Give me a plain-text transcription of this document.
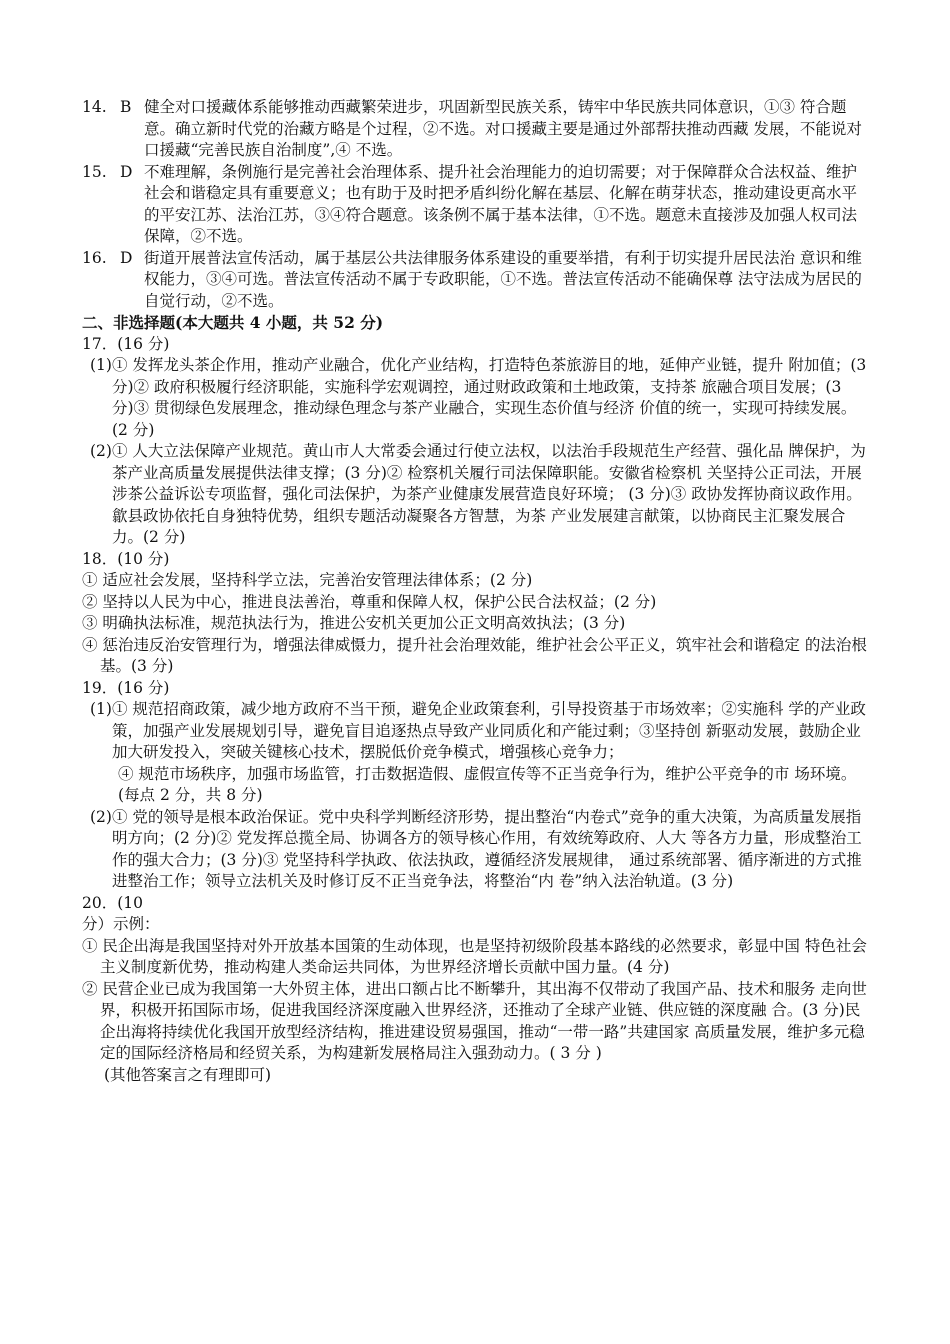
14. B 健全对口援藏体系能够推动西藏繁荣进步，巩固新型民族关系，铸牢中华民族共同体意识，①③ 符合题意。确立新时代党的治藏方略是个过程，②不选。对口援藏主要是通过外部帮扶推动西藏 发展，不能说对口援藏“完善民族自治制度”,④ 不选。
15. D 不难理解，条例施行是完善社会治理体系、提升社会治理能力的迫切需要；对于保障群众合法权益、维护社会和谐稳定具有重要意义；也有助于及时把矛盾纠纷化解在基层、化解在萌芽状态，推动建设更高水平的平安江苏、法治江苏，③④符合题意。该条例不属于基本法律，①不选。题意未直接涉及加强人权司法保障，②不选。
16. D 街道开展普法宣传活动，属于基层公共法律服务体系建设的重要举措，有利于切实提升居民法治 意识和维权能力，③④可选。普法宣传活动不属于专政职能，①不选。普法宣传活动不能确保尊 法守法成为居民的自觉行动，②不选。

二、非选择题(本大题共 4 小题，共 52 分)

17．(16 分)

(1)① 发挥龙头茶企作用，推动产业融合，优化产业结构，打造特色茶旅游目的地，延伸产业链，提升 附加值；(3 分)② 政府积极履行经济职能，实施科学宏观调控，通过财政政策和土地政策，支持茶 旅融合项目发展；(3 分)③ 贯彻绿色发展理念，推动绿色理念与茶产业融合，实现生态价值与经济 价值的统一，实现可持续发展。(2 分)

(2)① 人大立法保障产业规范。黄山市人大常委会通过行使立法权，以法治手段规范生产经营、强化品 牌保护，为茶产业高质量发展提供法律支撑；(3 分)② 检察机关履行司法保障职能。安徽省检察机 关坚持公正司法，开展涉茶公益诉讼专项监督，强化司法保护，为茶产业健康发展营造良好环境； (3 分)③ 政协发挥协商议政作用。歙县政协依托自身独特优势，组织专题活动凝聚各方智慧，为茶 产业发展建言献策，以协商民主汇聚发展合力。(2 分)

18．(10 分)

① 适应社会发展，坚持科学立法，完善治安管理法律体系；(2 分)

② 坚持以人民为中心，推进良法善治，尊重和保障人权，保护公民合法权益；(2 分)

③ 明确执法标准，规范执法行为，推进公安机关更加公正文明高效执法；(3 分)

④ 惩治违反治安管理行为，增强法律威慑力，提升社会治理效能，维护社会公平正义，筑牢社会和谐稳定 的法治根基。(3 分)

19．(16 分)

(1)① 规范招商政策，减少地方政府不当干预，避免企业政策套利，引导投资基于市场效率；②实施科 学的产业政策，加强产业发展规划引导，避免盲目追逐热点导致产业同质化和产能过剩；③坚持创 新驱动发展，鼓励企业加大研发投入，突破关键核心技术，摆脱低价竞争模式，增强核心竞争力；

④ 规范市场秩序，加强市场监管，打击数据造假、虚假宣传等不正当竞争行为，维护公平竞争的市 场环境。(每点 2 分，共 8 分)

(2)① 党的领导是根本政治保证。党中央科学判断经济形势，提出整治“内卷式”竞争的重大决策，为高质量发展指明方向；(2 分)② 党发挥总揽全局、协调各方的领导核心作用，有效统筹政府、人大 等各方力量，形成整治工作的强大合力；(3 分)③ 党坚持科学执政、依法执政，遵循经济发展规律， 通过系统部署、循序渐进的方式推进整治工作；领导立法机关及时修订反不正当竞争法，将整治“内 卷”纳入法治轨道。(3 分)

20．(10

分）示例：

① 民企出海是我国坚持对外开放基本国策的生动体现，也是坚持初级阶段基本路线的必然要求，彰显中国 特色社会主义制度新优势，推动构建人类命运共同体，为世界经济增长贡献中国力量。(4 分)

② 民营企业已成为我国第一大外贸主体，进出口额占比不断攀升，其出海不仅带动了我国产品、技术和服务 走向世界，积极开拓国际市场，促进我国经济深度融入世界经济，还推动了全球产业链、供应链的深度融 合。(3 分)民企出海将持续优化我国开放型经济结构，推进建设贸易强国，推动“一带一路”共建国家 高质量发展，维护多元稳定的国际经济格局和经贸关系，为构建新发展格局注入强劲动力。( 3 分 )

(其他答案言之有理即可)
